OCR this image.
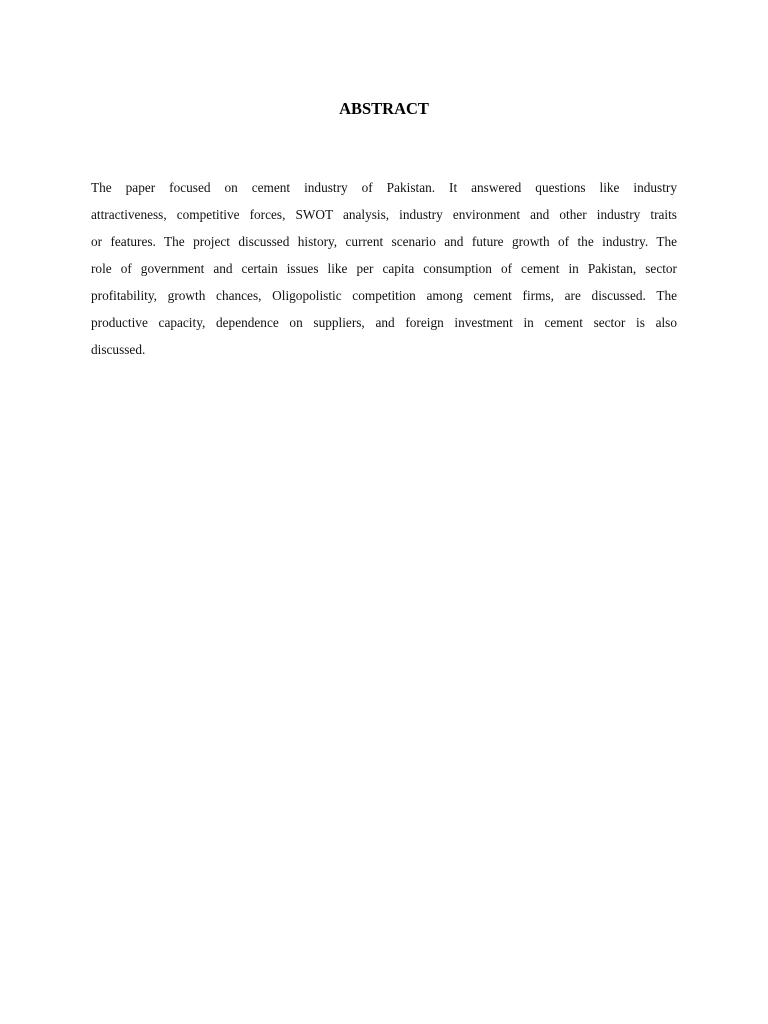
ABSTRACT

The paper focused on cement industry of Pakistan. It answered questions like industry
attractiveness, competitive forces, SWOT analysis, industry environment and other industry traits
or features. The project discussed history, current scenario and future growth of the industry. The
role of government and certain issues like per capita consumption of cement in Pakistan, sector
profitability, growth chances, Oligopolistic competition among cement firms, are discussed. The
productive capacity, dependence on suppliers, and foreign investment in cement sector is also
discussed.
